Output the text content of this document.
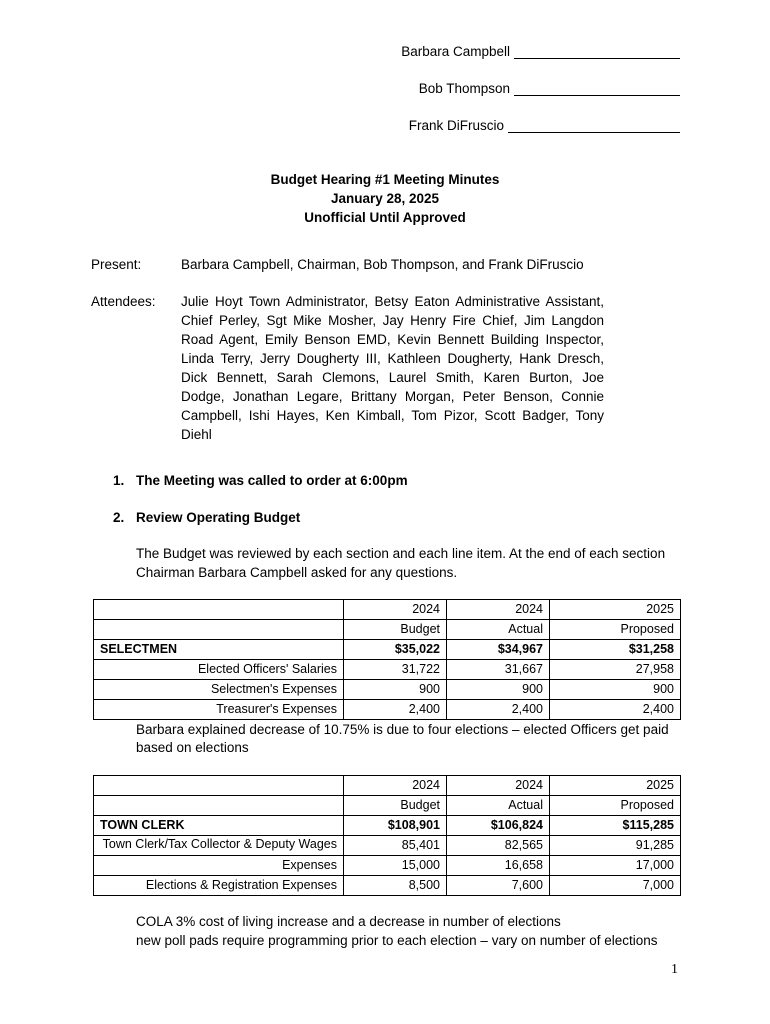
Barbara Campbell
Bob Thompson
Frank DiFruscio
Budget Hearing #1 Meeting Minutes
January 28, 2025
Unofficial Until Approved
Present:	Barbara Campbell, Chairman, Bob Thompson, and Frank DiFruscio
Attendees: Julie Hoyt Town Administrator, Betsy Eaton Administrative Assistant, Chief Perley, Sgt Mike Mosher, Jay Henry Fire Chief, Jim Langdon Road Agent, Emily Benson EMD, Kevin Bennett Building Inspector, Linda Terry, Jerry Dougherty III, Kathleen Dougherty, Hank Dresch, Dick Bennett, Sarah Clemons, Laurel Smith, Karen Burton, Joe Dodge, Jonathan Legare, Brittany Morgan, Peter Benson, Connie Campbell, Ishi Hayes, Ken Kimball, Tom Pizor, Scott Badger, Tony Diehl
1. The Meeting was called to order at 6:00pm
2. Review Operating Budget
The Budget was reviewed by each section and each line item. At the end of each section Chairman Barbara Campbell asked for any questions.
	2024	2024	2025
	Budget	Actual	Proposed
SELECTMEN	$35,022	$34,967	$31,258
Elected Officers' Salaries	31,722	31,667	27,958
Selectmen's Expenses	900	900	900
Treasurer's Expenses	2,400	2,400	2,400
Barbara explained decrease of 10.75% is due to four elections – elected Officers get paid based on elections
	2024	2024	2025
	Budget	Actual	Proposed
TOWN CLERK	$108,901	$106,824	$115,285
Town Clerk/Tax Collector & Deputy Wages	85,401	82,565	91,285
Expenses	15,000	16,658	17,000
Elections & Registration Expenses	8,500	7,600	7,000
COLA 3% cost of living increase and a decrease in number of elections
new poll pads require programming prior to each election – vary on number of elections
1
